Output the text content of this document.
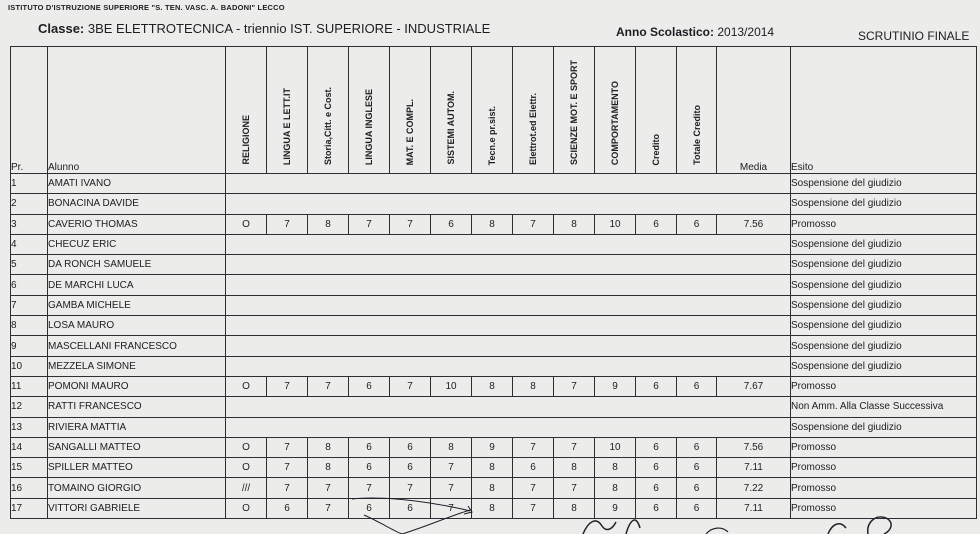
ISTITUTO D'ISTRUZIONE SUPERIORE "S. TEN. VASC. A. BADONI" LECCO
Classe: 3BE ELETTROTECNICA - triennio IST. SUPERIORE - INDUSTRIALE	Anno Scolastico: 2013/2014	SCRUTINIO FINALE
Pr.	Alunno	RELIGIONE	LINGUA E LETT.IT	Storia,Citt. e Cost.	LINGUA INGLESE	MAT. E COMPL.	SISTEMI AUTOM.	Tecn.e pr.sist.	Elettrot.ed Elettr.	SCIENZE MOT. E SPORT	COMPORTAMENTO	Credito	Totale Credito	Media	Esito
1	AMATI IVANO														Sospensione del giudizio
2	BONACINA DAVIDE														Sospensione del giudizio
3	CAVERIO THOMAS	O	7	8	7	7	6	8	7	8	10	6	6	7.56	Promosso
4	CHECUZ ERIC														Sospensione del giudizio
5	DA RONCH SAMUELE														Sospensione del giudizio
6	DE MARCHI LUCA														Sospensione del giudizio
7	GAMBA MICHELE														Sospensione del giudizio
8	LOSA MAURO														Sospensione del giudizio
9	MASCELLANI FRANCESCO														Sospensione del giudizio
10	MEZZELA SIMONE														Sospensione del giudizio
11	POMONI MAURO	O	7	7	6	7	10	8	8	7	9	6	6	7.67	Promosso
12	RATTI FRANCESCO														Non Amm. Alla Classe Successiva
13	RIVIERA MATTIA														Sospensione del giudizio
14	SANGALLI MATTEO	O	7	8	6	6	8	9	7	7	10	6	6	7.56	Promosso
15	SPILLER MATTEO	O	7	8	6	6	7	8	6	8	8	6	6	7.11	Promosso
16	TOMAINO GIORGIO	///	7	7	7	7	7	8	7	7	8	6	6	7.22	Promosso
17	VITTORI GABRIELE	O	6	7	6	6	7	8	7	8	9	6	6	7.11	Promosso
